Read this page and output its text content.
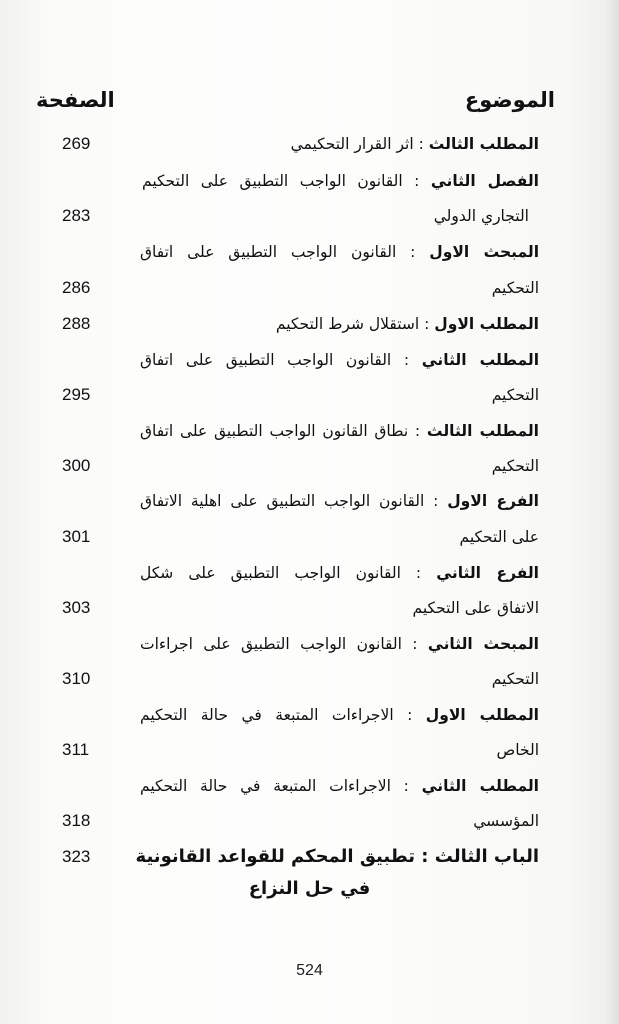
الموضوع
الصفحة
المطلب الثالث : اثر القرار التحكيمي
الفصل الثاني : القانون الواجب التطبيق على التحكيم
التجاري الدولي
المبحث الاول : القانون الواجب التطبيق على اتفاق
التحكيم
المطلب الاول : استقلال شرط التحكيم
المطلب الثاني : القانون الواجب التطبيق على اتفاق
التحكيم
المطلب الثالث : نطاق القانون الواجب التطبيق على اتفاق
التحكيم
الفرع الاول : القانون الواجب التطبيق على اهلية الاتفاق
على التحكيم
الفرع الثاني : القانون الواجب التطبيق على شكل
الاتفاق على التحكيم
المبحث الثاني : القانون الواجب التطبيق على اجراءات
التحكيم
المطلب الاول : الاجراءات المتبعة في حالة التحكيم
الخاص
المطلب الثاني : الاجراءات المتبعة في حالة التحكيم
المؤسسي
269
283
286
288
295
300
301
303
310
311
318
323	الباب الثالث : تطبيق المحكم للقواعد القانونية
في حل النزاع
524
